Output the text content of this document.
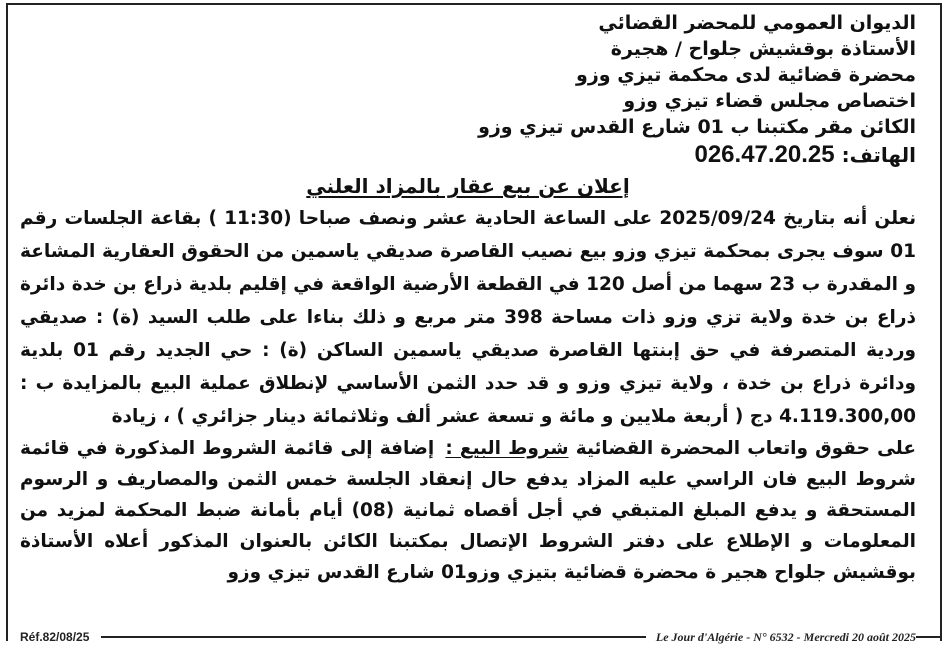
الديوان العمومي للمحضر القضائي
الأستاذة بوقشيش جلواح / هجيرة
محضرة قضائية لدى محكمة تيزي وزو
اختصاص مجلس قضاء تيزي وزو
الكائن مقر مكتبنا ب 01 شارع القدس تيزي وزو
الهاتف: 026.47.20.25
إعلان عن بيع عقار بالمزاد العلني
نعلن أنه بتاريخ 2025/09/24 على الساعة الحادية عشر ونصف صباحا (11:30 ) بقاعة الجلسات رقم 01 سوف يجرى بمحكمة تيزي وزو بيع نصيب القاصرة صديقي ياسمين من الحقوق العقارية المشاعة و المقدرة ب 23 سهما من أصل 120 في القطعة الأرضية الواقعة في إقليم بلدية ذراع بن خدة دائرة ذراع بن خدة ولاية تزي وزو ذات مساحة 398 متر مربع و ذلك بناءا على طلب السيد (ة) : صديقي وردية المتصرفة في حق إبنتها القاصرة صديقي ياسمين الساكن (ة) : حي الجديد رقم 01 بلدية ودائرة ذراع بن خدة ، ولاية تيزي وزو و قد حدد الثمن الأساسي لإنطلاق عملية البيع بالمزايدة ب : 4.119.300,00 دج ( أربعة ملايين و مائة و تسعة عشر ألف وثلاثمائة دينار جزائري ) ، زيادة
على حقوق واتعاب المحضرة القضائية شروط البيع : إضافة إلى قائمة الشروط المذكورة في قائمة شروط البيع فان الراسي عليه المزاد يدفع حال إنعقاد الجلسة خمس الثمن والمصاريف و الرسوم المستحقة و يدفع المبلغ المتبقي في أجل أقصاه ثمانية (08) أيام بأمانة ضبط المحكمة لمزيد من المعلومات و الإطلاع على دفتر الشروط الإتصال بمكتبنا الكائن بالعنوان المذكور أعلاه الأستاذة بوقشيش جلواح هجير ة محضرة قضائية بتيزي وزو01 شارع القدس تيزي وزو
Réf.82/08/25	Le Jour d'Algérie - N° 6532 - Mercredi 20 août 2025
